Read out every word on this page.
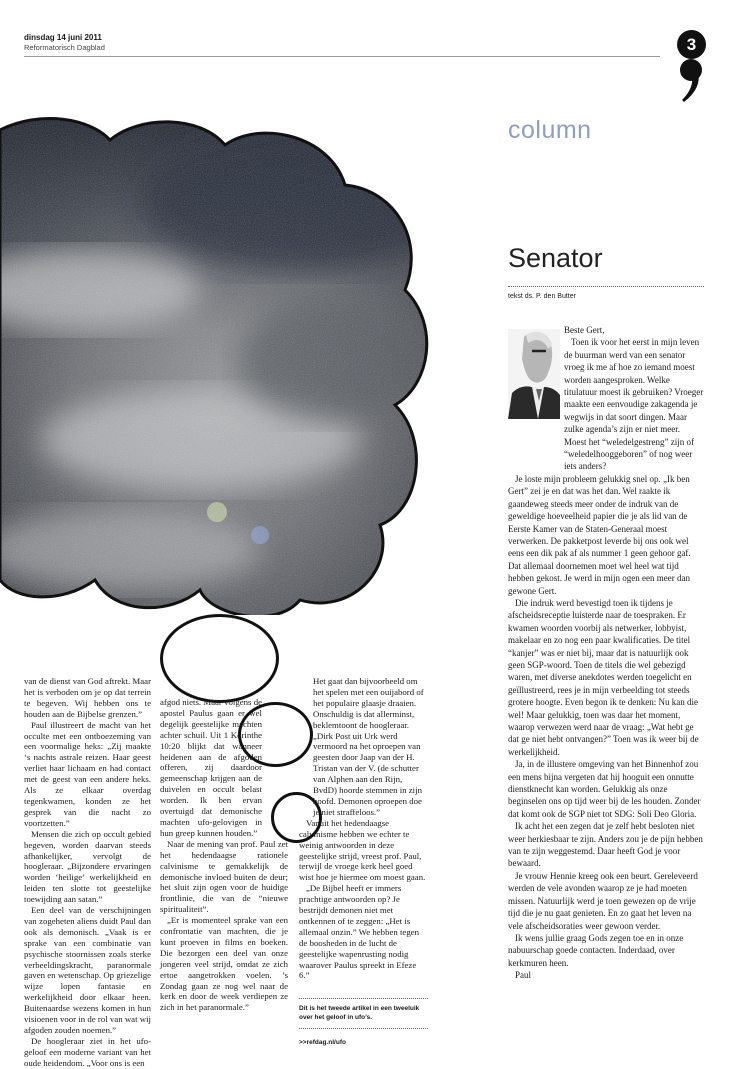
dinsdag 14 juni 2011
Reformatorisch Dagblad	3
column
Senator
tekst ds. P. den Butter

Beste Gert,

Toen ik voor het eerst in mijn leven de buurman werd van een senator vroeg ik me af hoe zo iemand moest worden aangesproken. Welke titulatuur moest ik gebruiken? Vroeger maakte een eenvoudige zakagenda je wegwijs in dat soort dingen. Maar zulke agenda’s zijn er niet meer. Moest het “weledelgestreng” zijn of “weledelhooggeboren” of nog weer iets anders?

Je loste mijn probleem gelukkig snel op. „Ik ben Gert” zei je en dat was het dan. Wel raakte ik gaandeweg steeds meer onder de indruk van de geweldige hoeveelheid papier die je als lid van de Eerste Kamer van de Staten-Generaal moest verwerken. De pakketpost leverde bij ons ook wel eens een dik pak af als nummer 1 geen gehoor gaf. Dat allemaal doornemen moet wel heel wat tijd hebben gekost. Je werd in mijn ogen een meer dan gewone Gert.

Die indruk werd bevestigd toen ik tijdens je afscheidsreceptie luisterde naar de toespraken. Er kwamen woorden voorbij als netwerker, lobbyist, makelaar en zo nog een paar kwalificaties. De titel “kanjer” was er niet bij, maar dat is natuurlijk ook geen SGP-woord. Toen de titels die wel gebezigd waren, met diverse anekdotes werden toegelicht en geïllustreerd, rees je in mijn verbeelding tot steeds grotere hoogte. Even begon ik te denken: Nu kan die wel! Maar gelukkig, toen was daar het moment, waarop verwezen werd naar de vraag: „Wat hebt ge dat ge niet hebt ontvangen?” Toen was ik weer bij de werkelijkheid.

Ja, in de illustere omgeving van het Binnenhof zou een mens bijna vergeten dat hij hooguit een onnutte dienstknecht kan worden. Gelukkig als onze beginselen ons op tijd weer bij de les houden. Zonder dat komt ook de SGP niet tot SDG: Soli Deo Gloria.

Ik acht het een zegen dat je zelf hebt besloten niet weer herkiesbaar te zijn. Anders zou je de pijn hebben van te zijn weggestemd. Daar heeft God je voor bewaard.

Je vrouw Hennie kreeg ook een beurt. Gereleveerd werden de vele avonden waarop ze je had moeten missen. Natuurlijk werd je toen gewezen op de vrije tijd die je nu gaat genieten. En zo gaat het leven na vele afscheidsoraties weer gewoon verder.

Ik wens jullie graag Gods zegen toe en in onze nabuurschap goede contacten. Inderdaad, over kerkmuren heen.

Paul

van de dienst van God aftrekt. Maar het is verboden om je op dat terrein te begeven. Wij hebben ons te houden aan de Bijbelse grenzen.”

Paul illustreert de macht van het occulte met een ontboezeming van een voormalige heks: „Zij maakte ‘s nachts astrale reizen. Haar geest verliet haar lichaam en had contact met de geest van een andere heks. Als ze elkaar overdag tegenkwamen, konden ze het gesprek van die nacht zo voortzetten.”

Mensen die zich op occult gebied begeven, worden daarvan steeds afhankelijker, vervolgt de hoogleraar. „Bijzondere ervaringen worden ‘heilige’ werkelijkheid en leiden ten slotte tot geestelijke toewijding aan satan.”

Een deel van de verschijningen van zogeheten aliens duidt Paul dan ook als demonisch. „Vaak is er sprake van een combinatie van psychische stoornissen zoals sterke verbeeldingskracht, paranormale gaven en wetenschap. Op griezelige wijze lopen fantasie en werkelijkheid door elkaar heen. Buitenaardse wezens komen in hun visioenen voor in de rol van wat wij afgoden zouden noemen.”

De hoogleraar ziet in het ufo-geloof een moderne variant van het oude heidendom. „Voor ons is een

afgod niets. Maar volgens de apostel Paulus gaan er wel degelijk geestelijke machten achter schuil. Uit 1 Korinthe 10:20 blijkt dat wanneer heidenen aan de afgoden offeren, zij daardoor gemeenschap krijgen aan de duivelen en occult belast worden. Ik ben ervan overtuigd dat demonische machten ufo-gelovigen in hun greep kunnen houden.”

Naar de mening van prof. Paul zet het hedendaagse rationele calvinisme te gemakkelijk de demonische invloed buiten de deur; het sluit zijn ogen voor de huidige frontlinie, die van de “nieuwe spiritualiteit”.

„Er is momenteel sprake van een confrontatie van machten, die je kunt proeven in films en boeken. Die bezorgen een deel van onze jongeren veel strijd, omdat ze zich ertoe aangetrokken voelen. ’s Zondag gaan ze nog wel naar de kerk en door de week verdiepen ze zich in het paranormale.”

Het gaat dan bijvoorbeeld om het spelen met een ouijabord of het populaire glaasje draaien. Onschuldig is dat allerminst, beklemtoont de hoogleraar. „Dirk Post uit Urk werd vermoord na het oproepen van geesten door Jaap van der H. Tristan van der V. (de schutter van Alphen aan den Rijn, BvdD) hoorde stemmen in zijn hoofd. Demonen oproepen doe je niet straffeloos.”

Vanuit het hedendaagse calvinisme hebben we echter te weinig antwoorden in deze geestelijke strijd, vreest prof. Paul, terwijl de vroege kerk heel goed wist hoe je hiermee om moest gaan.

„De Bijbel heeft er immers prachtige antwoorden op? Je bestrijdt demonen niet met ontkennen of te zeggen: „Het is allemaal onzin.” We hebben tegen de boosheden in de lucht de geestelijke wapenrusting nodig waarover Paulus spreekt in Efeze 6.”

Dit is het tweede artikel in een tweeluik over het geloof in ufo’s.
>>refdag.nl/ufo
